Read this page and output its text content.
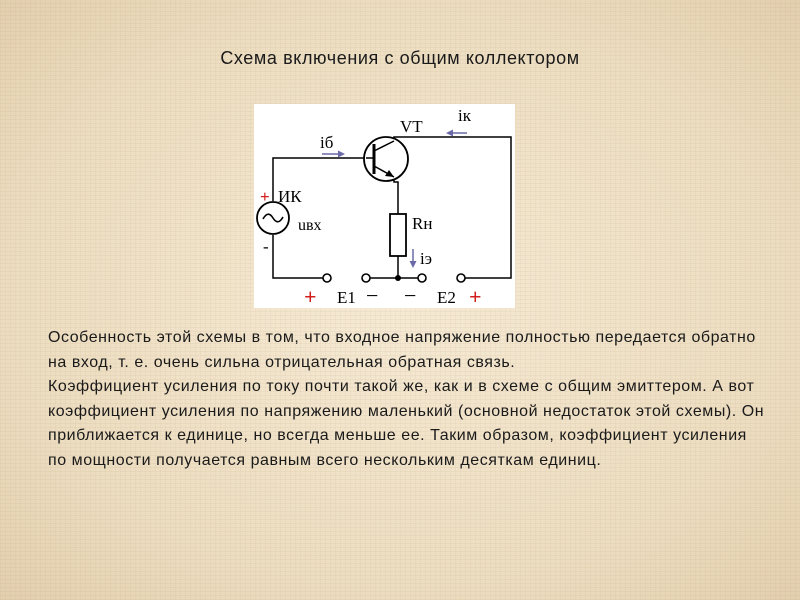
Схема включения с общим коллектором
VT
iк
iб
+ ИК
-
uвх	Rн
iэ
+ E1 − − E2 +

Особенность этой схемы в том, что входное напряжение полностью передается обратно на вход, т. е. очень сильна отрицательная обратная связь.

Коэффициент усиления по току почти такой же, как и в схеме с общим эмиттером. А вот коэффициент усиления по напряжению маленький (основной недостаток этой схемы). Он приближается к единице, но всегда меньше ее. Таким образом, коэффициент усиления по мощности получается равным всего нескольким десяткам единиц.
